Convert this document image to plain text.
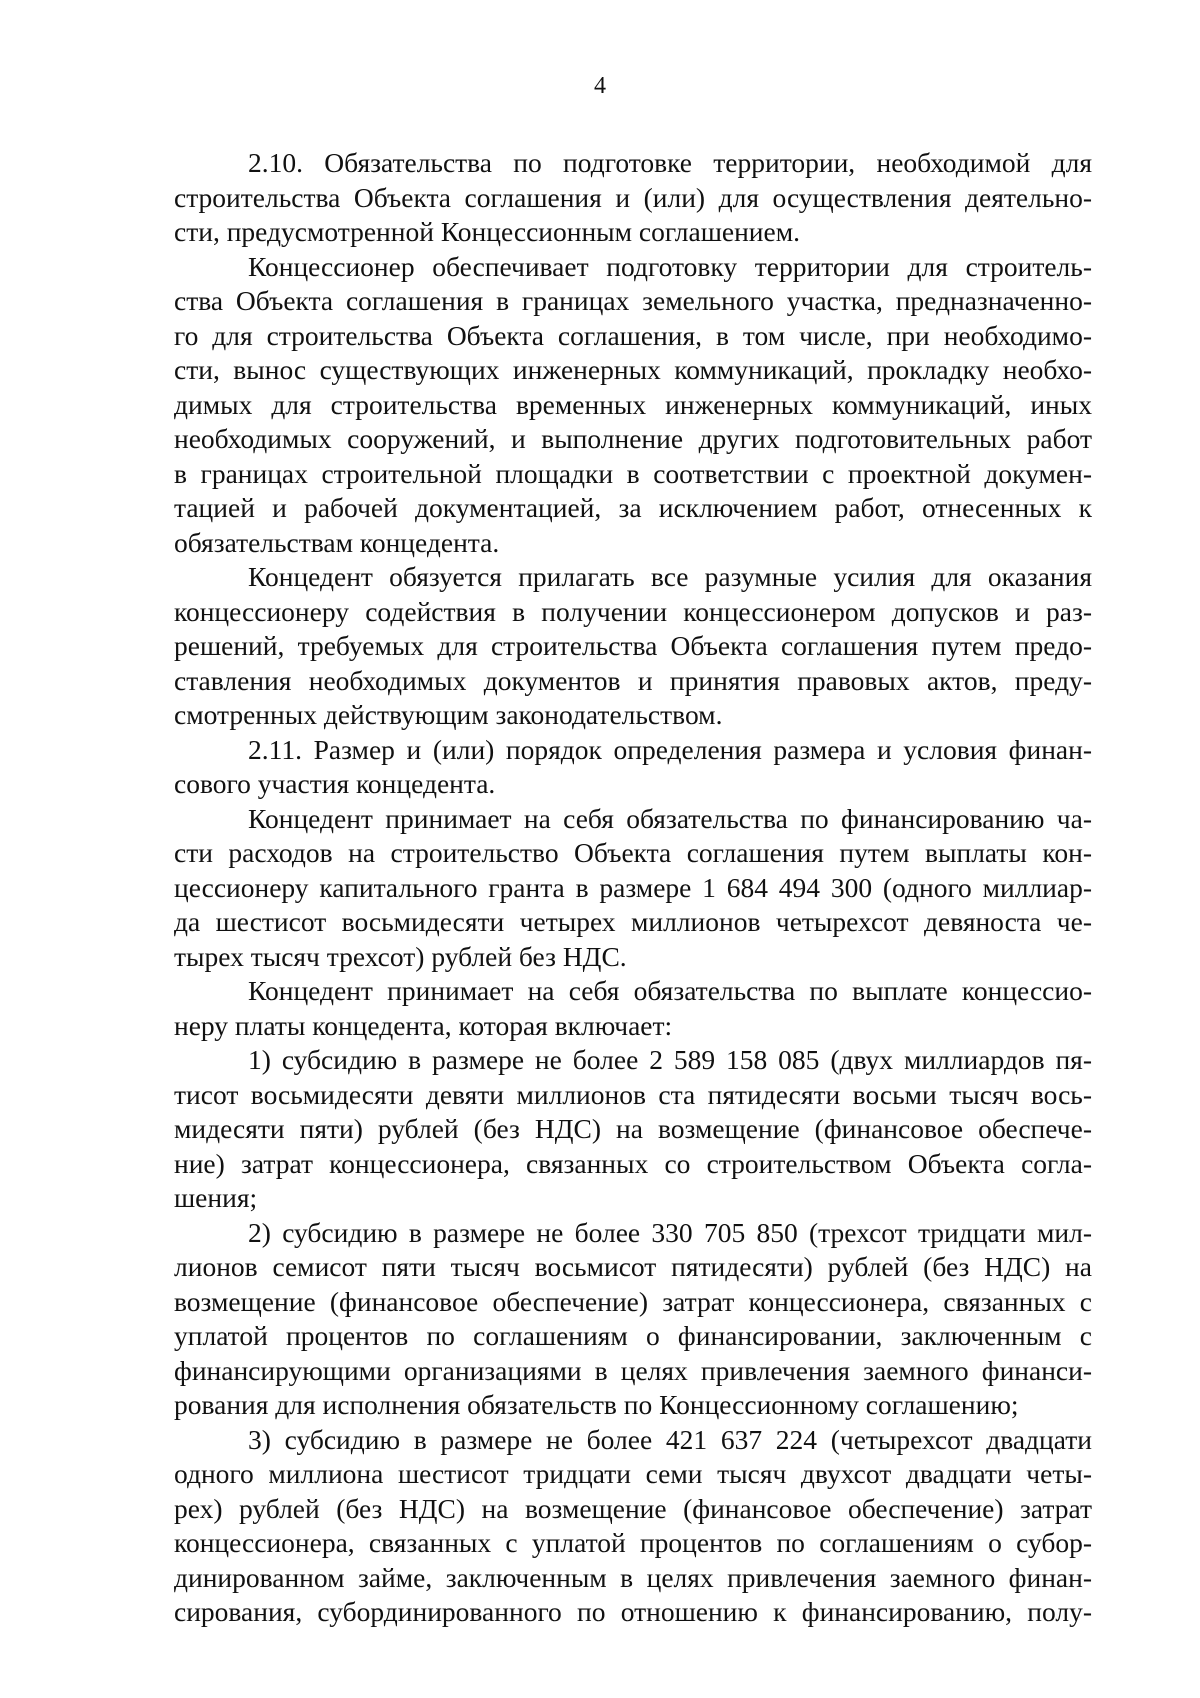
4
2.10. Обязательства по подготовке территории, необходимой для
строительства Объекта соглашения и (или) для осуществления деятельно-
сти, предусмотренной Концессионным соглашением.
Концессионер обеспечивает подготовку территории для строитель-
ства Объекта соглашения в границах земельного участка, предназначенно-
го для строительства Объекта соглашения, в том числе, при необходимо-
сти, вынос существующих инженерных коммуникаций, прокладку необхо-
димых для строительства временных инженерных коммуникаций, иных
необходимых сооружений, и выполнение других подготовительных работ
в границах строительной площадки в соответствии с проектной докумен-
тацией и рабочей документацией, за исключением работ, отнесенных к
обязательствам концедента.
Концедент обязуется прилагать все разумные усилия для оказания
концессионеру содействия в получении концессионером допусков и раз-
решений, требуемых для строительства Объекта соглашения путем предо-
ставления необходимых документов и принятия правовых актов, преду-
смотренных действующим законодательством.
2.11. Размер и (или) порядок определения размера и условия финан-
сового участия концедента.
Концедент принимает на себя обязательства по финансированию ча-
сти расходов на строительство Объекта соглашения путем выплаты кон-
цессионеру капитального гранта в размере 1 684 494 300 (одного миллиар-
да шестисот восьмидесяти четырех миллионов четырехсот девяноста че-
тырех тысяч трехсот) рублей без НДС.
Концедент принимает на себя обязательства по выплате концессио-
неру платы концедента, которая включает:
1) субсидию в размере не более 2 589 158 085 (двух миллиардов пя-
тисот восьмидесяти девяти миллионов ста пятидесяти восьми тысяч вось-
мидесяти пяти) рублей (без НДС) на возмещение (финансовое обеспече-
ние) затрат концессионера, связанных со строительством Объекта согла-
шения;
2) субсидию в размере не более 330 705 850 (трехсот тридцати мил-
лионов семисот пяти тысяч восьмисот пятидесяти) рублей (без НДС) на
возмещение (финансовое обеспечение) затрат концессионера, связанных с
уплатой процентов по соглашениям о финансировании, заключенным с
финансирующими организациями в целях привлечения заемного финанси-
рования для исполнения обязательств по Концессионному соглашению;
3) субсидию в размере не более 421 637 224 (четырехсот двадцати
одного миллиона шестисот тридцати семи тысяч двухсот двадцати четы-
рех) рублей (без НДС) на возмещение (финансовое обеспечение) затрат
концессионера, связанных с уплатой процентов по соглашениям о субор-
динированном займе, заключенным в целях привлечения заемного финан-
сирования, субординированного по отношению к финансированию, полу-
